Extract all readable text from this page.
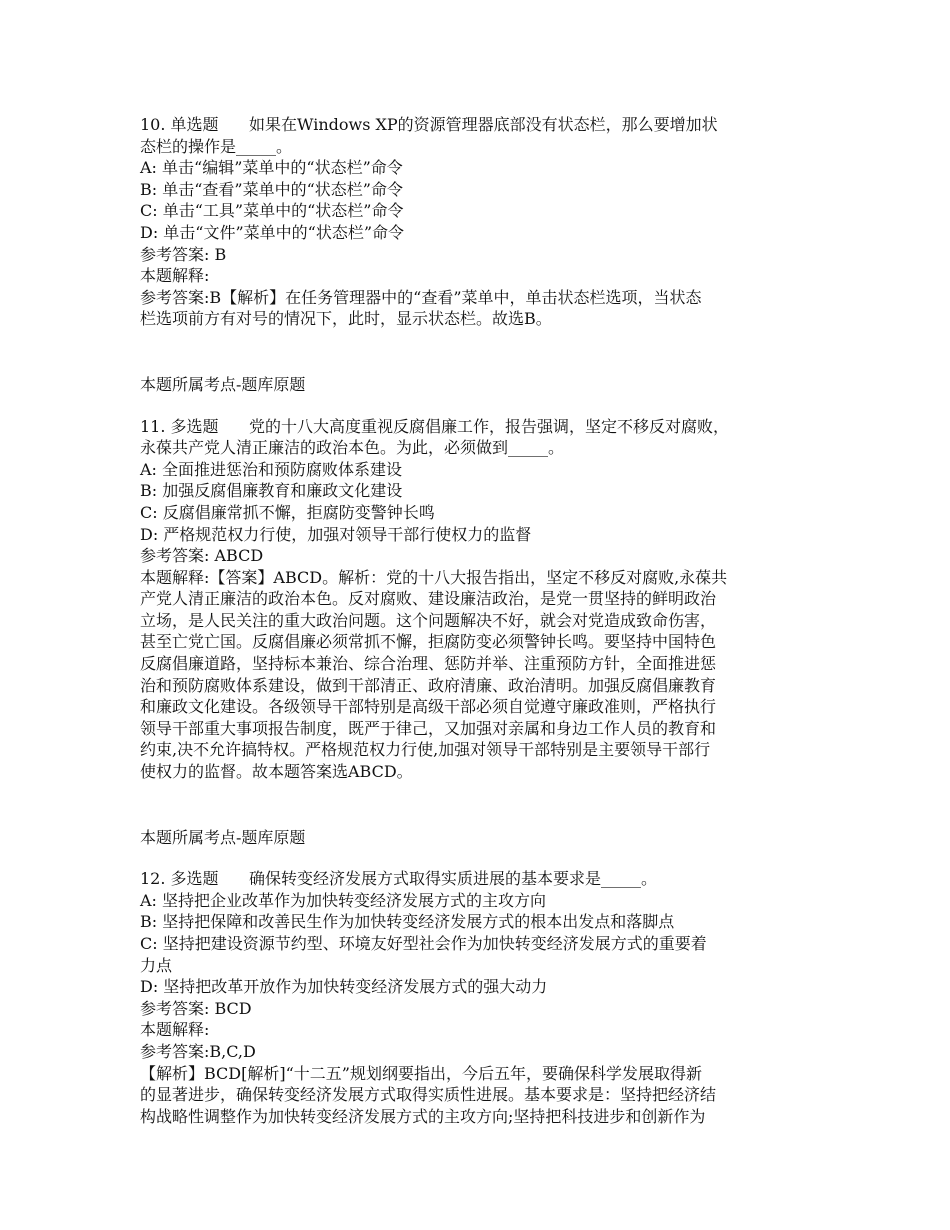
10. 单选题      如果在Windows XP的资源管理器底部没有状态栏，那么要增加状

态栏的操作是_____。

A: 单击“编辑”菜单中的“状态栏”命令

B: 单击“查看”菜单中的“状态栏”命令

C: 单击“工具”菜单中的“状态栏”命令

D: 单击“文件”菜单中的“状态栏”命令

参考答案: B

本题解释:

参考答案:B【解析】在任务管理器中的“查看”菜单中，单击状态栏选项，当状态

栏选项前方有对号的情况下，此时，显示状态栏。故选B。

本题所属考点-题库原题

11. 多选题      党的十八大高度重视反腐倡廉工作，报告强调，坚定不移反对腐败，

永葆共产党人清正廉洁的政治本色。为此，必须做到_____。

A: 全面推进惩治和预防腐败体系建设

B: 加强反腐倡廉教育和廉政文化建设

C: 反腐倡廉常抓不懈，拒腐防变警钟长鸣

D: 严格规范权力行使，加强对领导干部行使权力的监督

参考答案: ABCD

本题解释:【答案】ABCD。解析：党的十八大报告指出，坚定不移反对腐败,永葆共

产党人清正廉洁的政治本色。反对腐败、建设廉洁政治，是党一贯坚持的鲜明政治

立场，是人民关注的重大政治问题。这个问题解决不好，就会对党造成致命伤害，

甚至亡党亡国。反腐倡廉必须常抓不懈，拒腐防变必须警钟长鸣。要坚持中国特色

反腐倡廉道路，坚持标本兼治、综合治理、惩防并举、注重预防方针，全面推进惩

治和预防腐败体系建设，做到干部清正、政府清廉、政治清明。加强反腐倡廉教育

和廉政文化建设。各级领导干部特别是高级干部必须自觉遵守廉政准则，严格执行

领导干部重大事项报告制度，既严于律己，又加强对亲属和身边工作人员的教育和

约束,决不允许搞特权。严格规范权力行使,加强对领导干部特别是主要领导干部行

使权力的监督。故本题答案选ABCD。

本题所属考点-题库原题

12. 多选题      确保转变经济发展方式取得实质进展的基本要求是_____。

A: 坚持把企业改革作为加快转变经济发展方式的主攻方向

B: 坚持把保障和改善民生作为加快转变经济发展方式的根本出发点和落脚点

C: 坚持把建设资源节约型、环境友好型社会作为加快转变经济发展方式的重要着

力点

D: 坚持把改革开放作为加快转变经济发展方式的强大动力

参考答案: BCD

本题解释:

参考答案:B,C,D

【解析】BCD[解析]“十二五”规划纲要指出，今后五年，要确保科学发展取得新

的显著进步，确保转变经济发展方式取得实质性进展。基本要求是：坚持把经济结

构战略性调整作为加快转变经济发展方式的主攻方向;坚持把科技进步和创新作为
